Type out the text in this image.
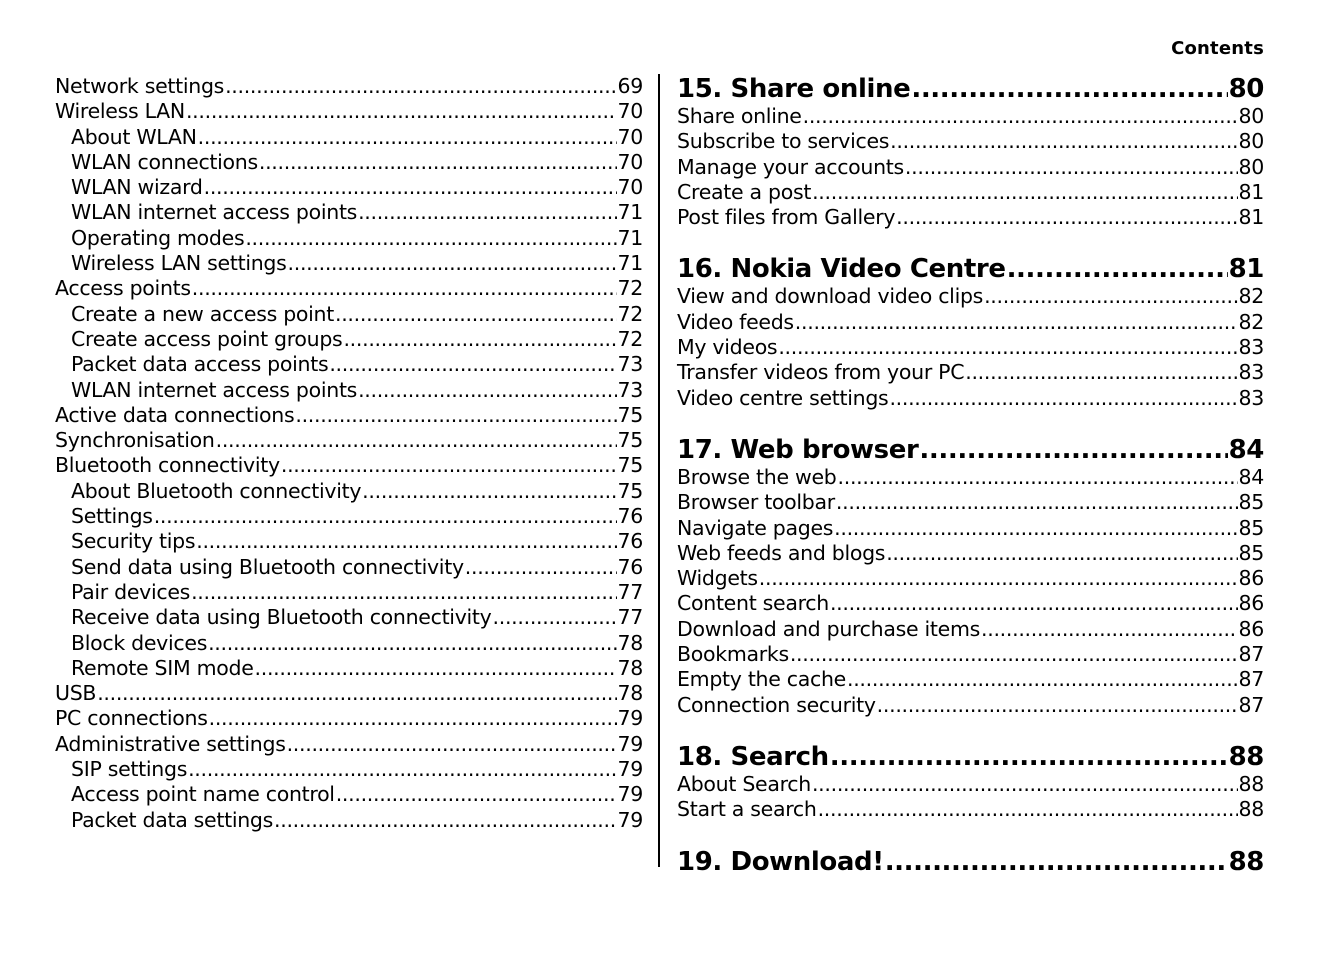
Contents
Network settings .....	69
Wireless LAN .....	70
About WLAN .....	70
WLAN connections .....	70
WLAN wizard .....	70
WLAN internet access points .....	71
Operating modes .....	71
Wireless LAN settings .....	71
Access points .....	72
Create a new access point .....	72
Create access point groups .....	72
Packet data access points .....	73
WLAN internet access points .....	73
Active data connections .....	75
Synchronisation .....	75
Bluetooth connectivity .....	75
About Bluetooth connectivity .....	75
Settings .....	76
Security tips .....	76
Send data using Bluetooth connectivity .....	76
Pair devices .....	77
Receive data using Bluetooth connectivity .....	77
Block devices .....	78
Remote SIM mode .....	78
USB .....	78
PC connections .....	79
Administrative settings .....	79
SIP settings .....	79
Access point name control .....	79
Packet data settings .....	79
15. Share online .....	80
Share online .....	80
Subscribe to services .....	80
Manage your accounts .....	80
Create a post .....	81
Post files from Gallery .....	81
16. Nokia Video Centre .....	81
View and download video clips .....	82
Video feeds .....	82
My videos .....	83
Transfer videos from your PC .....	83
Video centre settings .....	83
17. Web browser .....	84
Browse the web .....	84
Browser toolbar .....	85
Navigate pages .....	85
Web feeds and blogs .....	85
Widgets .....	86
Content search .....	86
Download and purchase items .....	86
Bookmarks .....	87
Empty the cache .....	87
Connection security .....	87
18. Search .....	88
About Search .....	88
Start a search .....	88
19. Download! .....	88
